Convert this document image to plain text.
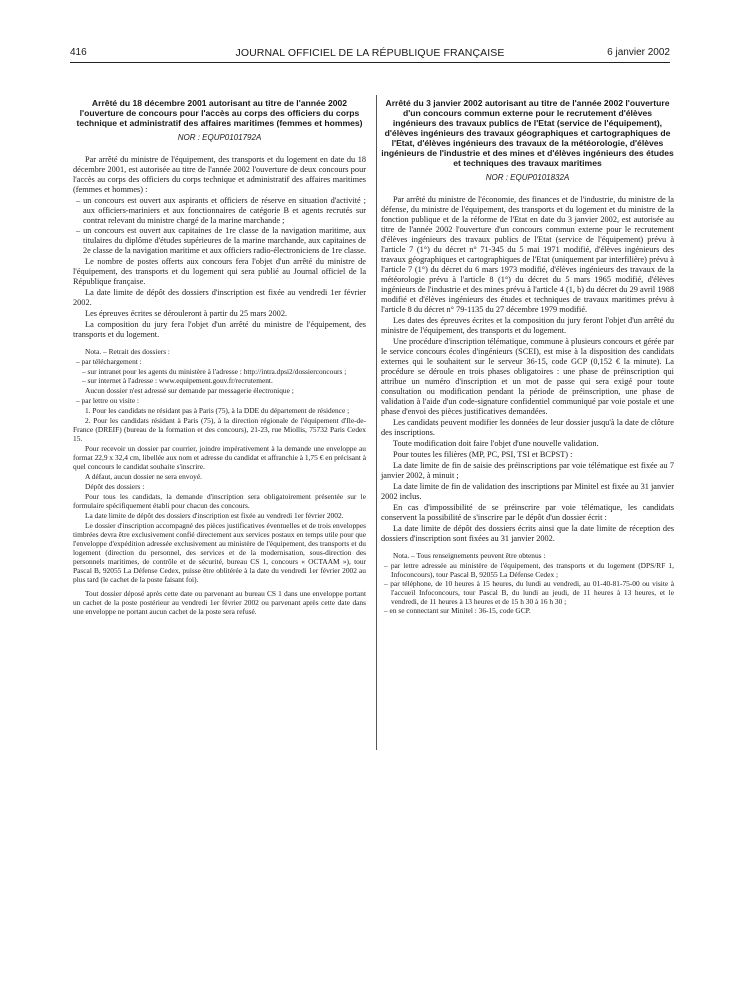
416	JOURNAL OFFICIEL DE LA RÉPUBLIQUE FRANÇAISE	6 janvier 2002
Arrêté du 18 décembre 2001 autorisant au titre de l'année 2002 l'ouverture de concours pour l'accès au corps des officiers du corps technique et administratif des affaires maritimes (femmes et hommes)
NOR : EQUP0101792A

Par arrêté du ministre de l'équipement, des transports et du logement en date du 18 décembre 2001, est autorisée au titre de l'année 2002 l'ouverture de deux concours pour l'accès au corps des officiers du corps technique et administratif des affaires maritimes (femmes et hommes) :

– un concours est ouvert aux aspirants et officiers de réserve en situation d'activité ; aux officiers-mariniers et aux fonctionnaires de catégorie B et agents recrutés sur contrat relevant du ministre chargé de la marine marchande ;
– un concours est ouvert aux capitaines de 1re classe de la navigation maritime, aux titulaires du diplôme d'études supérieures de la marine marchande, aux capitaines de 2e classe de la navigation maritime et aux officiers radio-électroniciens de 1re classe.

Le nombre de postes offerts aux concours fera l'objet d'un arrêté du ministre de l'équipement, des transports et du logement qui sera publié au Journal officiel de la République française.

La date limite de dépôt des dossiers d'inscription est fixée au vendredi 1er février 2002.

Les épreuves écrites se dérouleront à partir du 25 mars 2002.

La composition du jury fera l'objet d'un arrêté du ministre de l'équipement, des transports et du logement.

Nota. – Retrait des dossiers :

– par téléchargement :
– sur intranet pour les agents du ministère à l'adresse : http://intra.dpsi2/dossierconcours ;
– sur internet à l'adresse : www.equipement.gouv.fr/recrutement.

Aucun dossier n'est adressé sur demande par messagerie électronique ;

– par lettre ou visite :

1. Pour les candidats ne résidant pas à Paris (75), à la DDE du département de résidence ;

2. Pour les candidats résidant à Paris (75), à la direction régionale de l'équipement d'Ile-de-France (DREIF) (bureau de la formation et des concours), 21-23, rue Miollis, 75732 Paris Cedex 15.

Pour recevoir un dossier par courrier, joindre impérativement à la demande une enveloppe au format 22,9 x 32,4 cm, libellée aux nom et adresse du candidat et affranchie à 1,75 € en précisant à quel concours le candidat souhaite s'inscrire.

A défaut, aucun dossier ne sera envoyé.

Dépôt des dossiers :

Pour tous les candidats, la demande d'inscription sera obligatoirement présentée sur le formulaire spécifiquement établi pour chacun des concours.

La date limite de dépôt des dossiers d'inscription est fixée au vendredi 1er février 2002.

Le dossier d'inscription accompagné des pièces justificatives éventuelles et de trois enveloppes timbrées devra être exclusivement confié directement aux services postaux en temps utile pour que l'enveloppe d'expédition adressée exclusivement au ministère de l'équipement, des transports et du logement (direction du personnel, des services et de la modernisation, sous-direction des personnels maritimes, de contrôle et de sécurité, bureau CS 1, concours « OCTAAM »), tour Pascal B, 92055 La Défense Cedex, puisse être oblitérée à la date du vendredi 1er février 2002 au plus tard (le cachet de la poste faisant foi).

Tout dossier déposé après cette date ou parvenant au bureau CS 1 dans une enveloppe portant un cachet de la poste postérieur au vendredi 1er février 2002 ou parvenant après cette date dans une enveloppe ne portant aucun cachet de la poste sera refusé.

Arrêté du 3 janvier 2002 autorisant au titre de l'année 2002 l'ouverture d'un concours commun externe pour le recrutement d'élèves ingénieurs des travaux publics de l'Etat (service de l'équipement), d'élèves ingénieurs des travaux géographiques et cartographiques de l'Etat, d'élèves ingénieurs des travaux de la météorologie, d'élèves ingénieurs de l'industrie et des mines et d'élèves ingénieurs des études et techniques des travaux maritimes
NOR : EQUP0101832A

Par arrêté du ministre de l'économie, des finances et de l'industrie, du ministre de la défense, du ministre de l'équipement, des transports et du logement et du ministre de la fonction publique et de la réforme de l'Etat en date du 3 janvier 2002, est autorisée au titre de l'année 2002 l'ouverture d'un concours commun externe pour le recrutement d'élèves ingénieurs des travaux publics de l'Etat (service de l'équipement) prévu à l'article 7 (1°) du décret n° 71-345 du 5 mai 1971 modifié, d'élèves ingénieurs des travaux géographiques et cartographiques de l'Etat (uniquement par interfilière) prévu à l'article 7 (1°) du décret du 6 mars 1973 modifié, d'élèves ingénieurs des travaux de la météorologie prévu à l'article 8 (1°) du décret du 5 mars 1965 modifié, d'élèves ingénieurs de l'industrie et des mines prévu à l'article 4 (1, b) du décret du 29 avril 1988 modifié et d'élèves ingénieurs des études et techniques de travaux maritimes prévu à l'article 8 du décret n° 79-1135 du 27 décembre 1979 modifié.

Les dates des épreuves écrites et la composition du jury feront l'objet d'un arrêté du ministre de l'équipement, des transports et du logement.

Une procédure d'inscription télématique, commune à plusieurs concours et gérée par le service concours écoles d'ingénieurs (SCEI), est mise à la disposition des candidats externes qui le souhaitent sur le serveur 36-15, code GCP (0,152 € la minute). La procédure se déroule en trois phases obligatoires : une phase de préinscription qui attribue un numéro d'inscription et un mot de passe qui sera exigé pour toute consultation ou modification pendant la période de préinscription, une phase de validation à l'aide d'un code-signature confidentiel communiqué par voie postale et une phase d'envoi des pièces justificatives demandées.

Les candidats peuvent modifier les données de leur dossier jusqu'à la date de clôture des inscriptions.

Toute modification doit faire l'objet d'une nouvelle validation.

Pour toutes les filières (MP, PC, PSI, TSI et BCPST) :

La date limite de fin de saisie des préinscriptions par voie télématique est fixée au 7 janvier 2002, à minuit ;

La date limite de fin de validation des inscriptions par Minitel est fixée au 31 janvier 2002 inclus.

En cas d'impossibilité de se préinscrire par voie télématique, les candidats conservent la possibilité de s'inscrire par le dépôt d'un dossier écrit :

La date limite de dépôt des dossiers écrits ainsi que la date limite de réception des dossiers d'inscription sont fixées au 31 janvier 2002.

Nota. – Tous renseignements peuvent être obtenus :

– par lettre adressée au ministère de l'équipement, des transports et du logement (DPS/RF 1, Infoconcours), tour Pascal B, 92055 La Défense Cedex ;
– par téléphone, de 10 heures à 15 heures, du lundi au vendredi, au 01-40-81-75-00 ou visite à l'accueil Infoconcours, tour Pascal B, du lundi au jeudi, de 11 heures à 13 heures, et le vendredi, de 11 heures à 13 heures et de 15 h 30 à 16 h 30 ;
– en se connectant sur Minitel : 36-15, code GCP.
